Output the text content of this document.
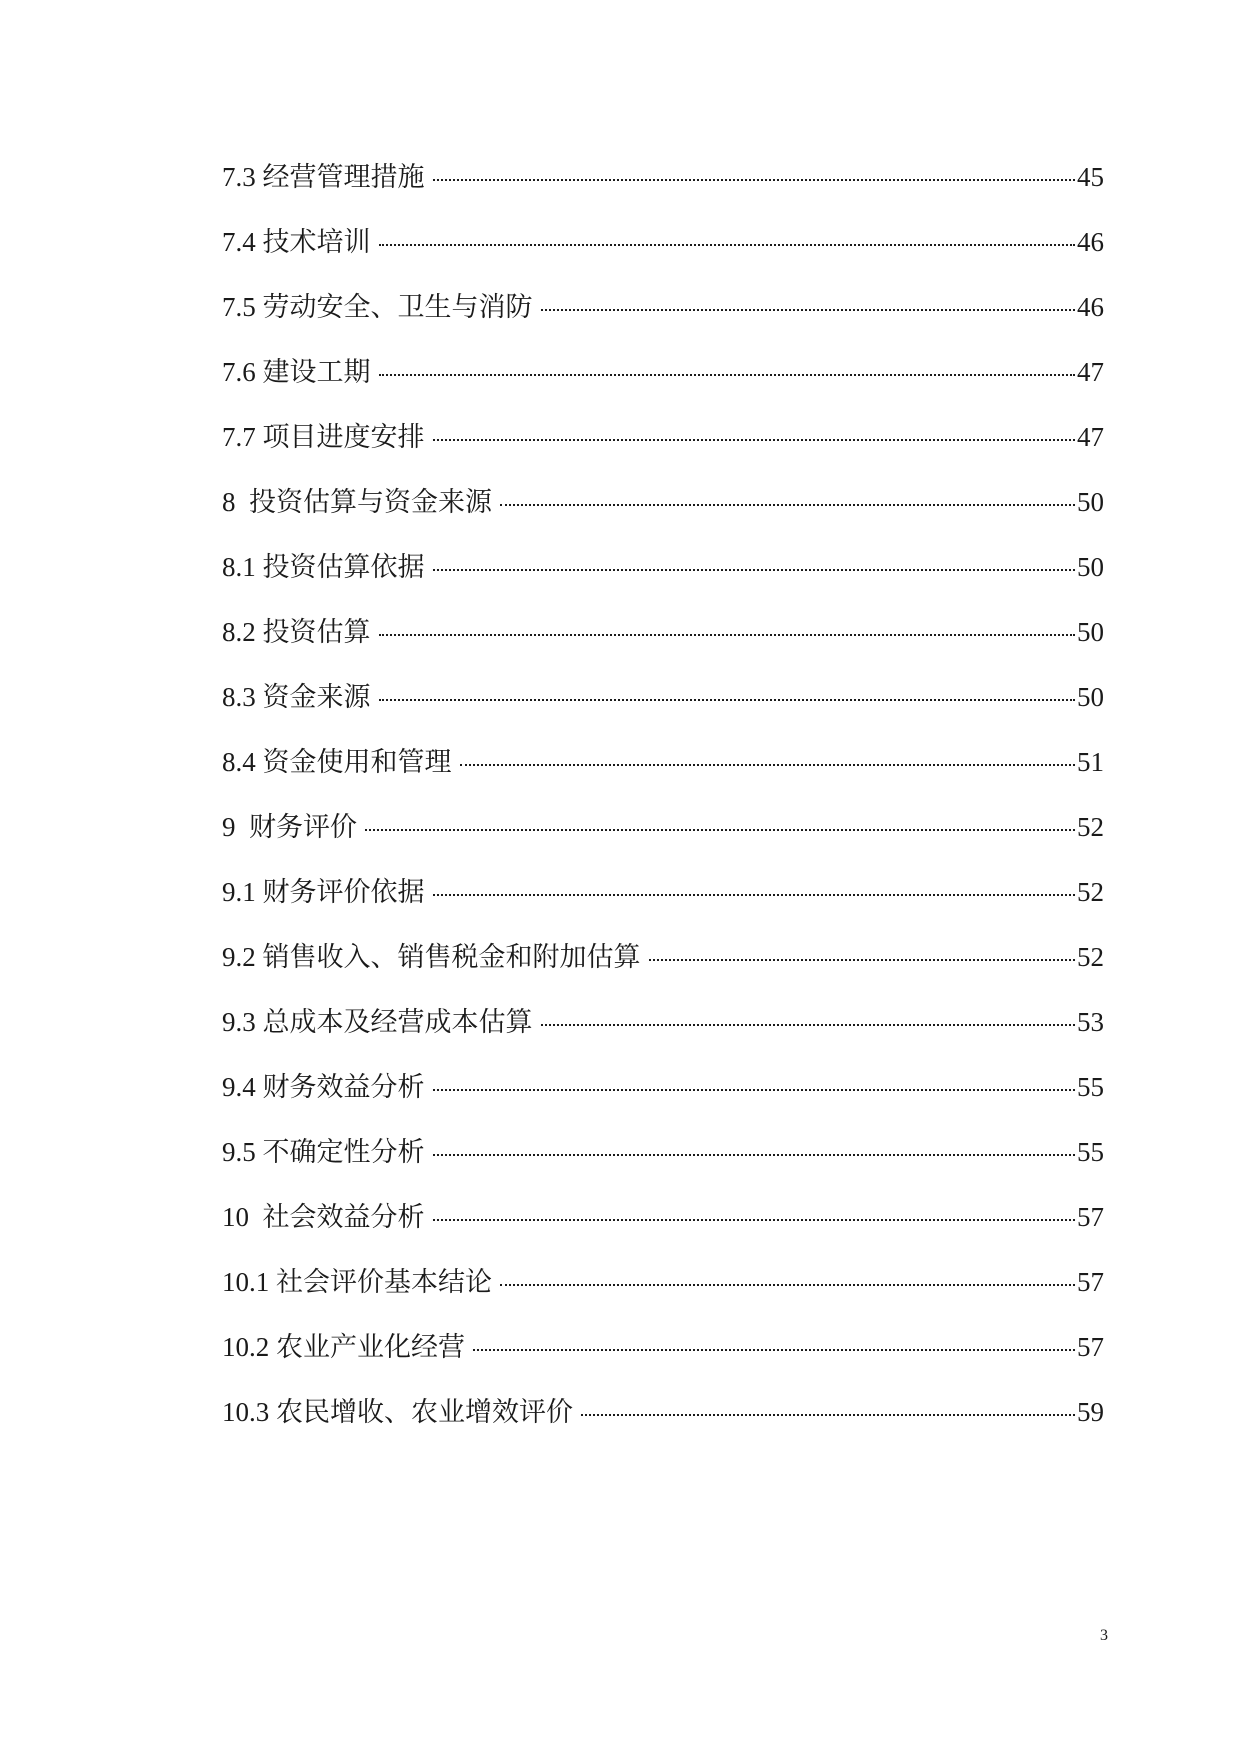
7.3 经营管理措施	45
7.4 技术培训	46
7.5 劳动安全、卫生与消防	46
7.6 建设工期	47
7.7 项目进度安排	47
8  投资估算与资金来源	50
8.1 投资估算依据	50
8.2 投资估算	50
8.3 资金来源	50
8.4 资金使用和管理	51
9  财务评价	52
9.1 财务评价依据	52
9.2 销售收入、销售税金和附加估算	52
9.3 总成本及经营成本估算	53
9.4 财务效益分析	55
9.5 不确定性分析	55
10  社会效益分析	57
10.1 社会评价基本结论	57
10.2 农业产业化经营	57
10.3 农民增收、农业增效评价	59
3
